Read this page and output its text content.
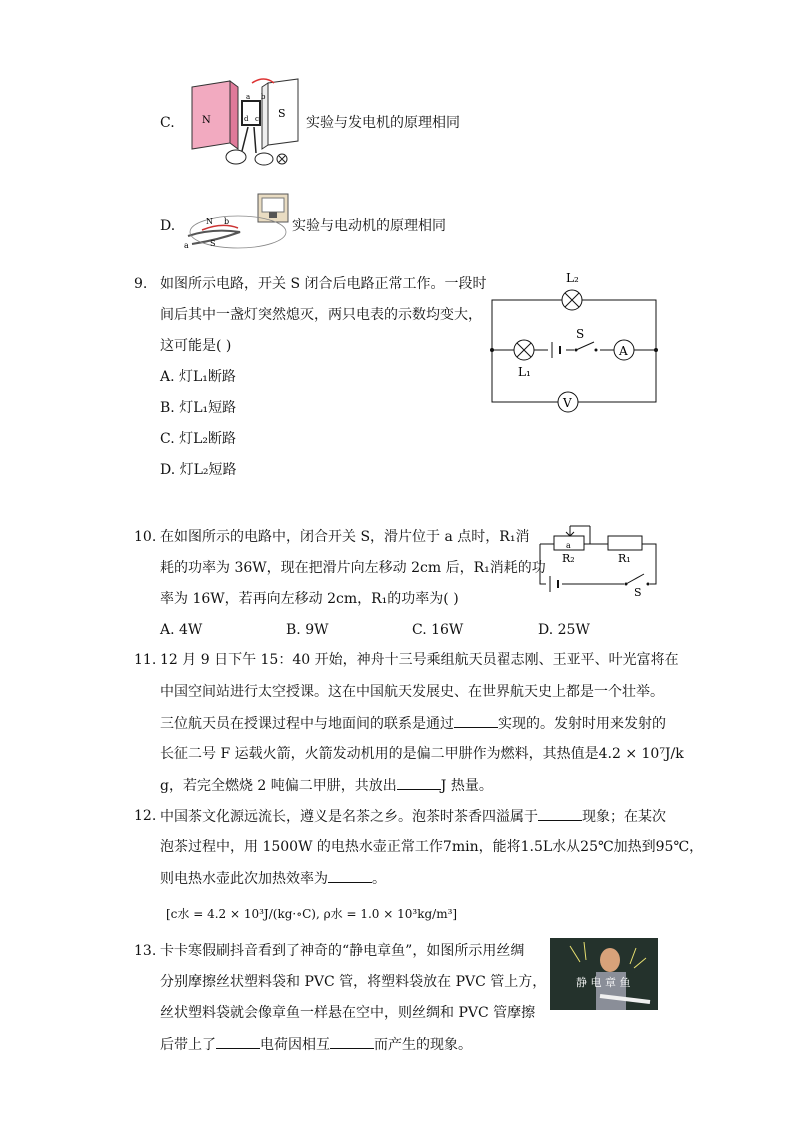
C.	N
S
a b
c
d	实验与发电机的原理相同
D.	N
S
a
b	实验与电动机的原理相同
9. 如图所示电路，开关 S 闭合后电路正常工作。一段时
间后其中一盏灯突然熄灭，两只电表的示数均变大，
这可能是( )
A. 灯L₁断路
B. 灯L₁短路
C. 灯L₂断路
D. 灯L₂短路
L₂
L₁
S
A
V
10. 在如图所示的电路中，闭合开关 S，滑片位于 a 点时，R₁消
耗的功率为 36W，现在把滑片向左移动 2cm 后，R₁消耗的功
率为 16W，若再向左移动 2cm，R₁的功率为( )
A. 4W	B. 9W	C. 16W	D. 25W
a
R₂	R₁
S
11. 12 月 9 日下午 15：40 开始，神舟十三号乘组航天员翟志刚、王亚平、叶光富将在
中国空间站进行太空授课。这在中国航天发展史、在世界航天史上都是一个壮举。
三位航天员在授课过程中与地面间的联系是通过	实现的。发射时用来发射的
长征二号 F 运载火箭，火箭发动机用的是偏二甲肼作为燃料，其热值是4.2 × 10⁷J/k
g，若完全燃烧 2 吨偏二甲肼，共放出	J 热量。
12. 中国茶文化源远流长，遵义是名茶之乡。泡茶时茶香四溢属于	现象；在某次
泡茶过程中，用 1500W 的电热水壶正常工作7min，能将1.5L水从25℃加热到95℃，
则电热水壶此次加热效率为	。
[c水 = 4.2 × 10³J/(kg·∘C), ρ水 = 1.0 × 10³kg/m³]
13. 卡卡寒假刷抖音看到了神奇的“静电章鱼”，如图所示用丝绸
分别摩擦丝状塑料袋和 PVC 管，将塑料袋放在 PVC 管上方，
丝状塑料袋就会像章鱼一样悬在空中，则丝绸和 PVC 管摩擦
后带上了	电荷因相互	而产生的现象。
静 电 章 鱼
